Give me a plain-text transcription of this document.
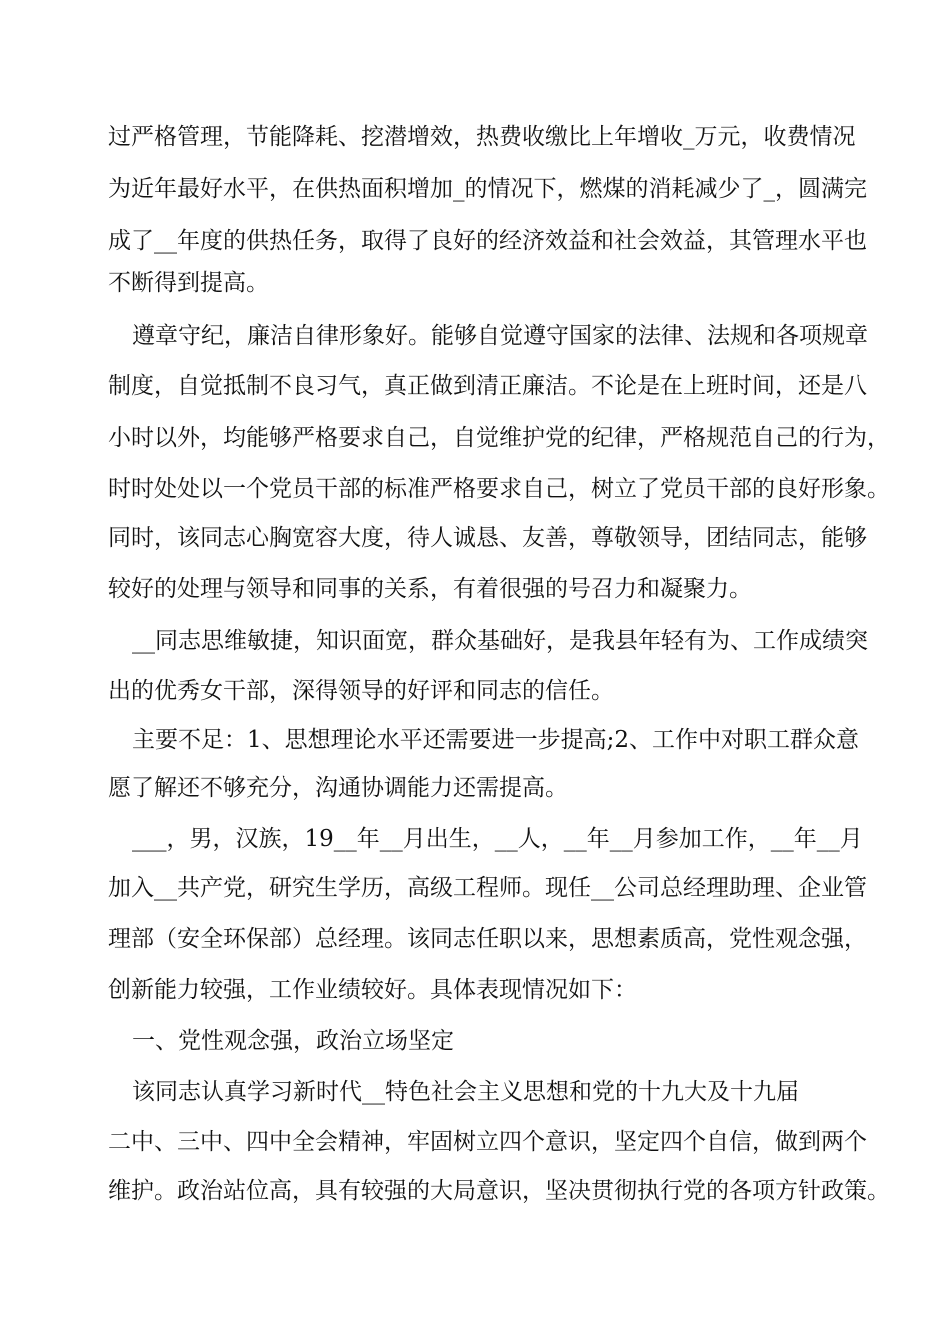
过严格管理，节能降耗、挖潜增效，热费收缴比上年增收_万元，收费情况
为近年最好水平，在供热面积增加_的情况下，燃煤的消耗减少了_，圆满完
成了__年度的供热任务，取得了良好的经济效益和社会效益，其管理水平也
不断得到提高。
遵章守纪，廉洁自律形象好。能够自觉遵守国家的法律、法规和各项规章
制度，自觉抵制不良习气，真正做到清正廉洁。不论是在上班时间，还是八
小时以外，均能够严格要求自己，自觉维护党的纪律，严格规范自己的行为，
时时处处以一个党员干部的标准严格要求自己，树立了党员干部的良好形象。
同时，该同志心胸宽容大度，待人诚恳、友善，尊敬领导，团结同志，能够
较好的处理与领导和同事的关系，有着很强的号召力和凝聚力。
__同志思维敏捷，知识面宽，群众基础好，是我县年轻有为、工作成绩突
出的优秀女干部，深得领导的好评和同志的信任。
主要不足：1、思想理论水平还需要进一步提高;2、工作中对职工群众意
愿了解还不够充分，沟通协调能力还需提高。
___，男，汉族，19__年__月出生，__人，__年__月参加工作，__年__月
加入__共产党，研究生学历，高级工程师。现任__公司总经理助理、企业管
理部（安全环保部）总经理。该同志任职以来，思想素质高，党性观念强，
创新能力较强，工作业绩较好。具体表现情况如下：
一、党性观念强，政治立场坚定
该同志认真学习新时代__特色社会主义思想和党的十九大及十九届
二中、三中、四中全会精神，牢固树立四个意识，坚定四个自信，做到两个
维护。政治站位高，具有较强的大局意识，坚决贯彻执行党的各项方针政策。
